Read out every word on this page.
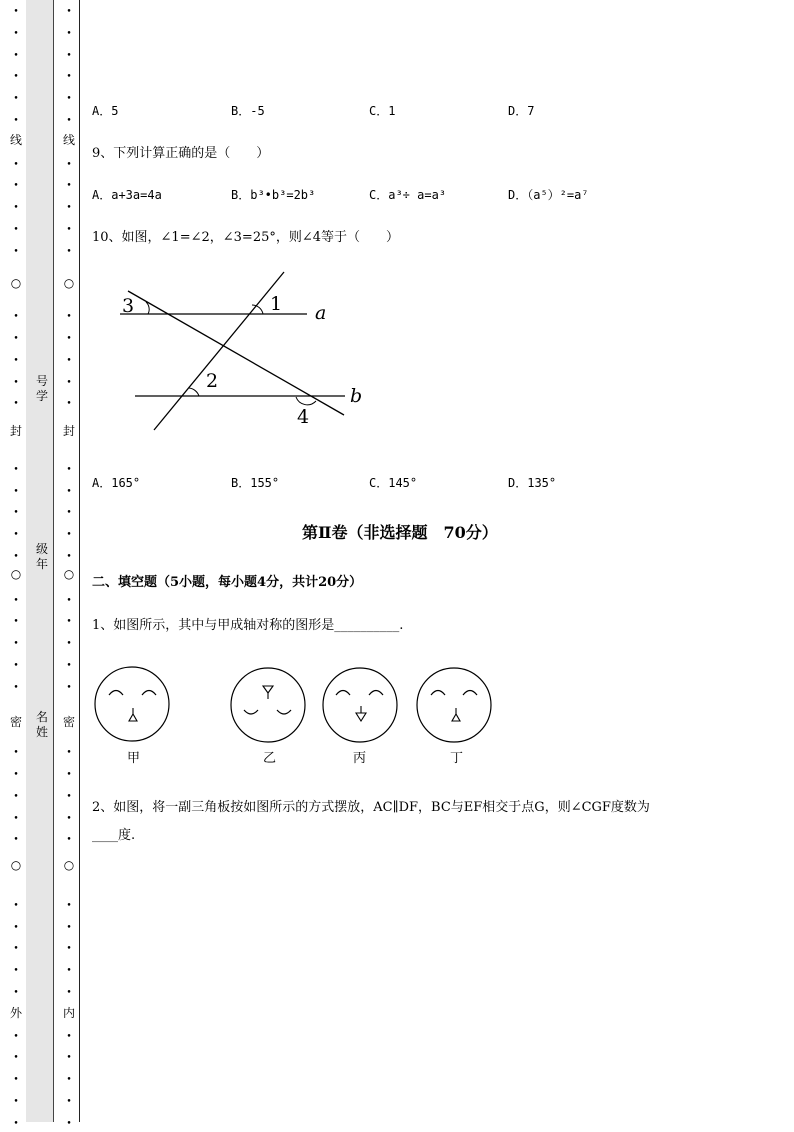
•
•
•
•
•
•
•
•
•
•
•
•
•
•
•
•
•
•
•
•
•
•
•
•
•
•
•
•
•
•
•
•
•
•
•
•
•
•
•
•
•
•
•
•
•
•
•
•
•
•
•
•
•
•
•
•
•
•
•
•
•
•
•
•
•
•
•
•
•
•
•
•
•
•
•
•
•
•
•
•
•
•
线
封
密
外
○
○
○
线
封
密
内
○
○
○
号学
级年
名姓
A．5	B．-5	C．1	D．7
9、下列计算正确的是（　　）
A．a+3a=4a	B．b³•b³=2b³	C．a³÷ a=a³	D．（a⁵）²=a⁷
10、如图，∠1=∠2，∠3=25°，则∠4等于（　　）
3	1 a
2
b
4
A．165°	B．155°	C．145°	D．135°
第Ⅱ卷（非选择题　70分）
二、填空题（5小题，每小题4分，共计20分）
1、如图所示，其中与甲成轴对称的图形是__________.
甲	乙	丙	丁
2、如图，将一副三角板按如图所示的方式摆放，AC∥DF，BC与EF相交于点G，则∠CGF度数为
____度.
